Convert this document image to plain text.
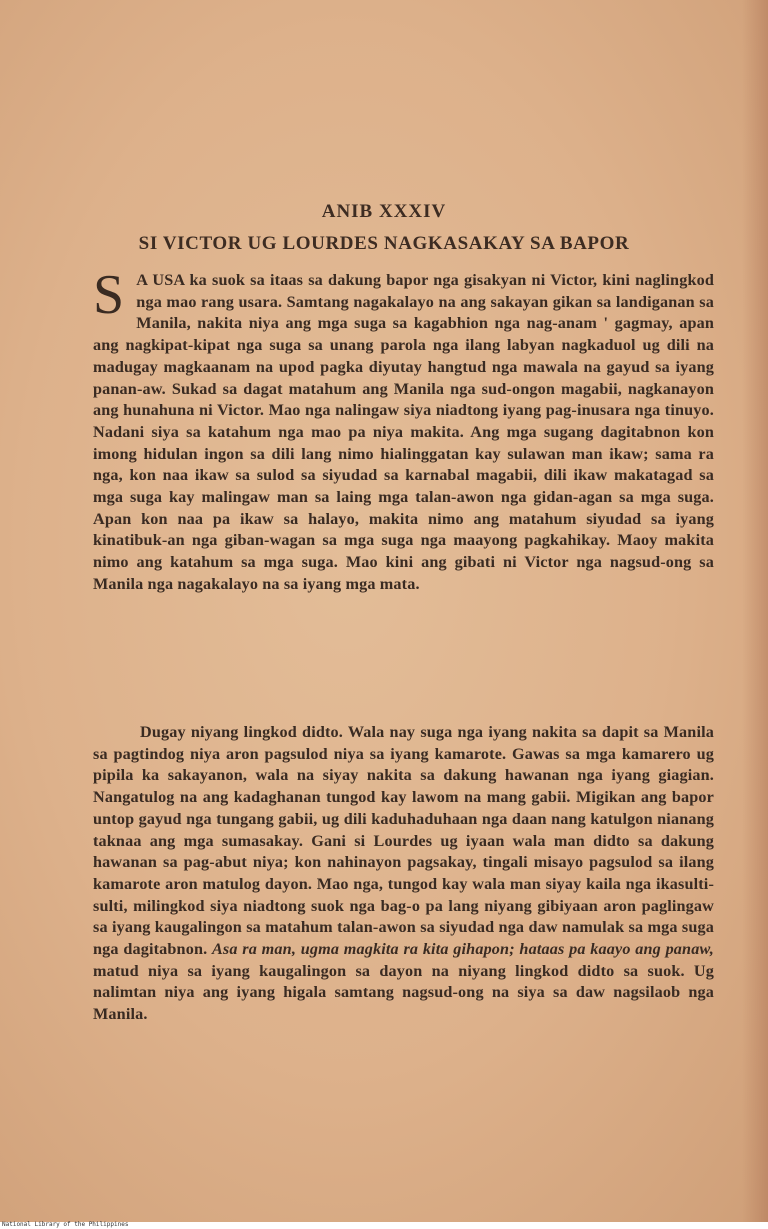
ANIB XXXIV
SI VICTOR UG LOURDES NAGKASAKAY SA BAPOR
S A USA ka suok sa itaas sa dakung bapor nga gisakyan ni Victor, kini naglingkod nga mao rang usara. Samtang nagakalayo na ang sakayan gikan sa landiganan sa Manila, nakita niya ang mga suga sa kagabhion nga nag-anam ' gagmay, apan ang nagkipat-kipat nga suga sa unang parola nga ilang labyan nagkaduol ug dili na madugay magkaanam na upod pagka diyutay hangtud nga mawala na gayud sa iyang panan-aw. Sukad sa dagat matahum ang Manila nga sud-ongon magabii, nagkanayon ang hunahuna ni Victor. Mao nga nalingaw siya niadtong iyang pag-inusara nga tinuyo. Nadani siya sa katahum nga mao pa niya makita. Ang mga sugang dagitabnon kon imong hidulan ingon sa dili lang nimo hialinggatan kay sulawan man ikaw; sama ra nga, kon naa ikaw sa sulod sa siyudad sa karnabal magabii, dili ikaw makatagad sa mga suga kay malingaw man sa laing mga talan-awon nga gidan-agan sa mga suga. Apan kon naa pa ikaw sa halayo, makita nimo ang matahum siyudad sa iyang kinatibuk-an nga giban-wagan sa mga suga nga maayong pagkahikay. Maoy makita nimo ang katahum sa mga suga. Mao kini ang gibati ni Victor nga nagsud-ong sa Manila nga nagakalayo na sa iyang mga mata.
Dugay niyang lingkod didto. Wala nay suga nga iyang nakita sa dapit sa Manila sa pagtindog niya aron pagsulod niya sa iyang kamarote. Gawas sa mga kamarero ug pipila ka sakayanon, wala na siyay nakita sa dakung hawanan nga iyang giagian. Nangatulog na ang kadaghanan tungod kay lawom na mang gabii. Migikan ang bapor untop gayud nga tungang gabii, ug dili kaduhaduhaan nga daan nang katulgon nianang taknaa ang mga sumasakay. Gani si Lourdes ug iyaan wala man didto sa dakung hawanan sa pag-abut niya; kon nahinayon pagsakay, tingali misayo pagsulod sa ilang kamarote aron matulog dayon. Mao nga, tungod kay wala man siyay kaila nga ikasulti-sulti, milingkod siya niadtong suok nga bag-o pa lang niyang gibiyaan aron paglingaw sa iyang kaugalingon sa matahum talan-awon sa siyudad nga daw namulak sa mga suga nga dagitabnon. Asa ra man, ugma magkita ra kita gihapon; hataas pa kaayo ang panaw, matud niya sa iyang kaugalingon sa dayon na niyang lingkod didto sa suok. Ug nalimtan niya ang iyang higala samtang nagsud-ong na siya sa daw nagsilaob nga Manila.
National Library of the Philippines
